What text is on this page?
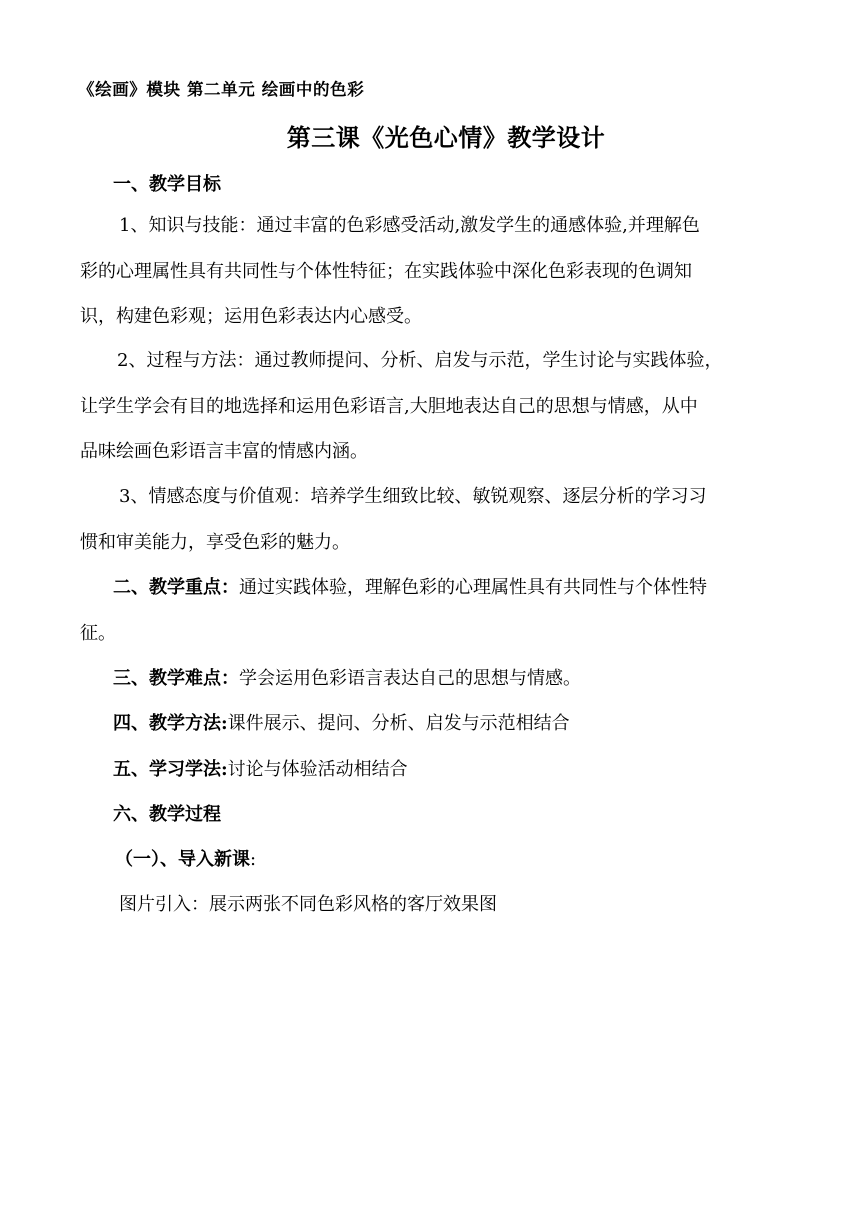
《绘画》模块 第二单元 绘画中的色彩
第三课《光色心情》教学设计
一、教学目标
1、知识与技能：通过丰富的色彩感受活动,激发学生的通感体验,并理解色
彩的心理属性具有共同性与个体性特征；在实践体验中深化色彩表现的色调知
识，构建色彩观；运用色彩表达内心感受。
2、过程与方法：通过教师提问、分析、启发与示范，学生讨论与实践体验，
让学生学会有目的地选择和运用色彩语言,大胆地表达自己的思想与情感，从中
品味绘画色彩语言丰富的情感内涵。
3、情感态度与价值观：培养学生细致比较、敏锐观察、逐层分析的学习习
惯和审美能力，享受色彩的魅力。
二、教学重点：通过实践体验，理解色彩的心理属性具有共同性与个体性特
征。
三、教学难点：学会运用色彩语言表达自己的思想与情感。
四、教学方法:课件展示、提问、分析、启发与示范相结合
五、学习学法:讨论与体验活动相结合
六、教学过程
（一）、导入新课:
图片引入：展示两张不同色彩风格的客厅效果图
